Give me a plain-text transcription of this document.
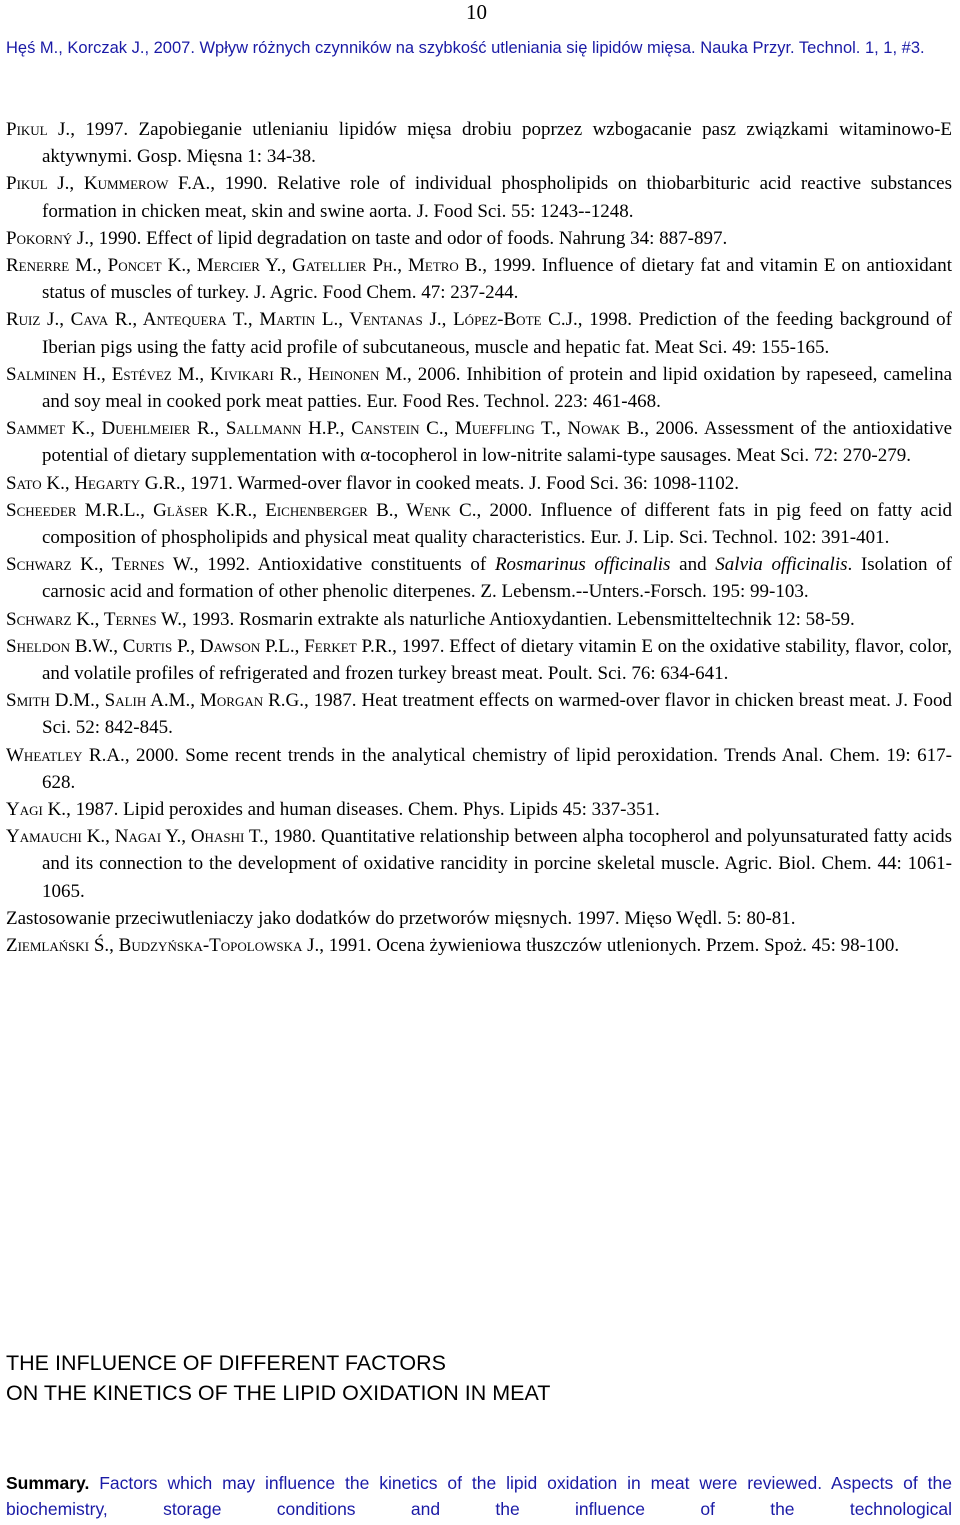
10
Hęś M., Korczak J., 2007. Wpływ różnych czynników na szybkość utleniania się lipidów mięsa. Nauka Przyr. Technol. 1, 1, #3.

Pikul J., 1997. Zapobieganie utlenianiu lipidów mięsa drobiu poprzez wzbogacanie pasz związkami witaminowo-E aktywnymi. Gosp. Mięsna 1: 34-38.

Pikul J., Kummerow F.A., 1990. Relative role of individual phospholipids on thiobarbituric acid reactive substances formation in chicken meat, skin and swine aorta. J. Food Sci. 55: 1243--1248.

Pokorný J., 1990. Effect of lipid degradation on taste and odor of foods. Nahrung 34: 887-897.

Renerre M., Poncet K., Mercier Y., Gatellier Ph., Metro B., 1999. Influence of dietary fat and vitamin E on antioxidant status of muscles of turkey. J. Agric. Food Chem. 47: 237-244.

Ruiz J., Cava R., Antequera T., Martin L., Ventanas J., López-Bote C.J., 1998. Prediction of the feeding background of Iberian pigs using the fatty acid profile of subcutaneous, muscle and hepatic fat. Meat Sci. 49: 155-165.

Salminen H., Estévez M., Kivikari R., Heinonen M., 2006. Inhibition of protein and lipid oxidation by rapeseed, camelina and soy meal in cooked pork meat patties. Eur. Food Res. Technol. 223: 461-468.

Sammet K., Duehlmeier R., Sallmann H.P., Canstein C., Mueffling T., Nowak B., 2006. Assessment of the antioxidative potential of dietary supplementation with α-tocopherol in low-nitrite salami-type sausages. Meat Sci. 72: 270-279.

Sato K., Hegarty G.R., 1971. Warmed-over flavor in cooked meats. J. Food Sci. 36: 1098-1102.

Scheeder M.R.L., Gläser K.R., Eichenberger B., Wenk C., 2000. Influence of different fats in pig feed on fatty acid composition of phospholipids and physical meat quality characteristics. Eur. J. Lip. Sci. Technol. 102: 391-401.

Schwarz K., Ternes W., 1992. Antioxidative constituents of Rosmarinus officinalis and Salvia officinalis. Isolation of carnosic acid and formation of other phenolic diterpenes. Z. Lebensm.--Unters.-Forsch. 195: 99-103.

Schwarz K., Ternes W., 1993. Rosmarin extrakte als naturliche Antioxydantien. Lebensmitteltechnik 12: 58-59.

Sheldon B.W., Curtis P., Dawson P.L., Ferket P.R., 1997. Effect of dietary vitamin E on the oxidative stability, flavor, color, and volatile profiles of refrigerated and frozen turkey breast meat. Poult. Sci. 76: 634-641.

Smith D.M., Salih A.M., Morgan R.G., 1987. Heat treatment effects on warmed-over flavor in chicken breast meat. J. Food Sci. 52: 842-845.

Wheatley R.A., 2000. Some recent trends in the analytical chemistry of lipid peroxidation. Trends Anal. Chem. 19: 617-628.

Yagi K., 1987. Lipid peroxides and human diseases. Chem. Phys. Lipids 45: 337-351.

Yamauchi K., Nagai Y., Ohashi T., 1980. Quantitative relationship between alpha tocopherol and polyunsaturated fatty acids and its connection to the development of oxidative rancidity in porcine skeletal muscle. Agric. Biol. Chem. 44: 1061-1065.

Zastosowanie przeciwutleniaczy jako dodatków do przetworów mięsnych. 1997. Mięso Wędl. 5: 80-81.

Ziemlański Ś., Budzyńska-Topolowska J., 1991. Ocena żywieniowa tłuszczów utlenionych. Przem. Spoż. 45: 98-100.

THE INFLUENCE OF DIFFERENT FACTORS
ON THE KINETICS OF THE LIPID OXIDATION IN MEAT
Summary. Factors which may influence the kinetics of the lipid oxidation in meat were reviewed. Aspects of the biochemistry, storage conditions and the influence of the technological
